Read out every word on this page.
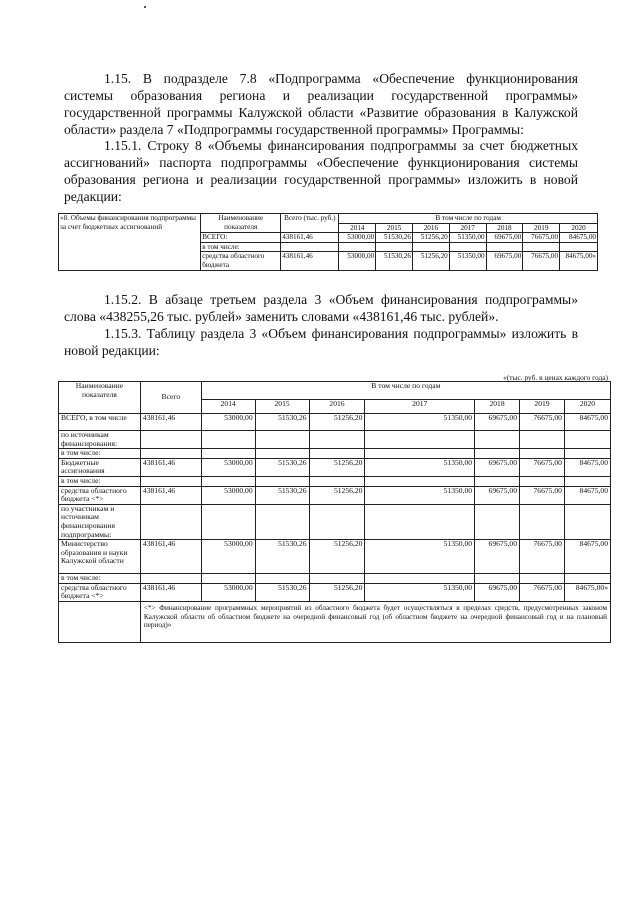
1.15. В подразделе 7.8 «Подпрограмма «Обеспечение функционирования системы образования региона и реализации государственной программы» государственной программы Калужской области «Развитие образования в Калужской области» раздела 7 «Подпрограммы государственной программы» Программы:

1.15.1. Строку 8 «Объемы финансирования подпрограммы за счет бюджетных ассигнований» паспорта подпрограммы «Обеспечение функционирования системы образования региона и реализации государственной программы» изложить в новой редакции:

«8. Объемы финансирования подпрограммы за счет бюджетных ассигнований	Наименование показателя	Всего (тыс. руб.)	В том числе по годам						
			2014	2015	2016	2017	2018	2019	2020
	ВСЕГО:	438161,46	53000,00	51530,26	51256,20	51350,00	69675,00	76675,00	84675,00
	в том числе:								
	средства областного бюджета	438161,46	53000,00	51530,26	51256,20	51350,00	69675,00	76675,00	84675,00»

1.15.2. В абзаце третьем раздела 3 «Объем финансирования подпрограммы» слова «438255,26 тыс. рублей» заменить словами «438161,46 тыс. рублей».

1.15.3. Таблицу раздела 3 «Объем финансирования подпрограммы» изложить в новой редакции:

«(тыс. руб. в ценах каждого года)
Наименование показателя	Всего	В том числе по годам						
		2014	2015	2016	2017	2018	2019	2020
ВСЕГО, в том числе	438161,46	53000,00	51530,26	51256,20	51350,00	69675,00	76675,00	84675,00
по источникам финансирования:								
в том числе:								
Бюджетные ассигнования	438161,46	53000,00	51530,26	51256,20	51350,00	69675,00	76675,00	84675,00
в том числе:								
средства областного бюджета <*>	438161,46	53000,00	51530,26	51256,20	51350,00	69675,00	76675,00	84675,00
по участникам и источникам финансирования подпрограммы:								
Министерство образования и науки Калужской области	438161,46	53000,00	51530,26	51256,20	51350,00	69675,00	76675,00	84675,00
в том числе:								
средства областного бюджета <*>	438161,46	53000,00	51530,26	51256,20	51350,00	69675,00	76675,00	84675,00»
	<*> Финансирование программных мероприятий из областного бюджета будет осуществляться в пределах средств, предусмотренных законом Калужской области об областном бюджете на очередной финансовый год (об областном бюджете на очередной финансовый год и на плановый период)»							
